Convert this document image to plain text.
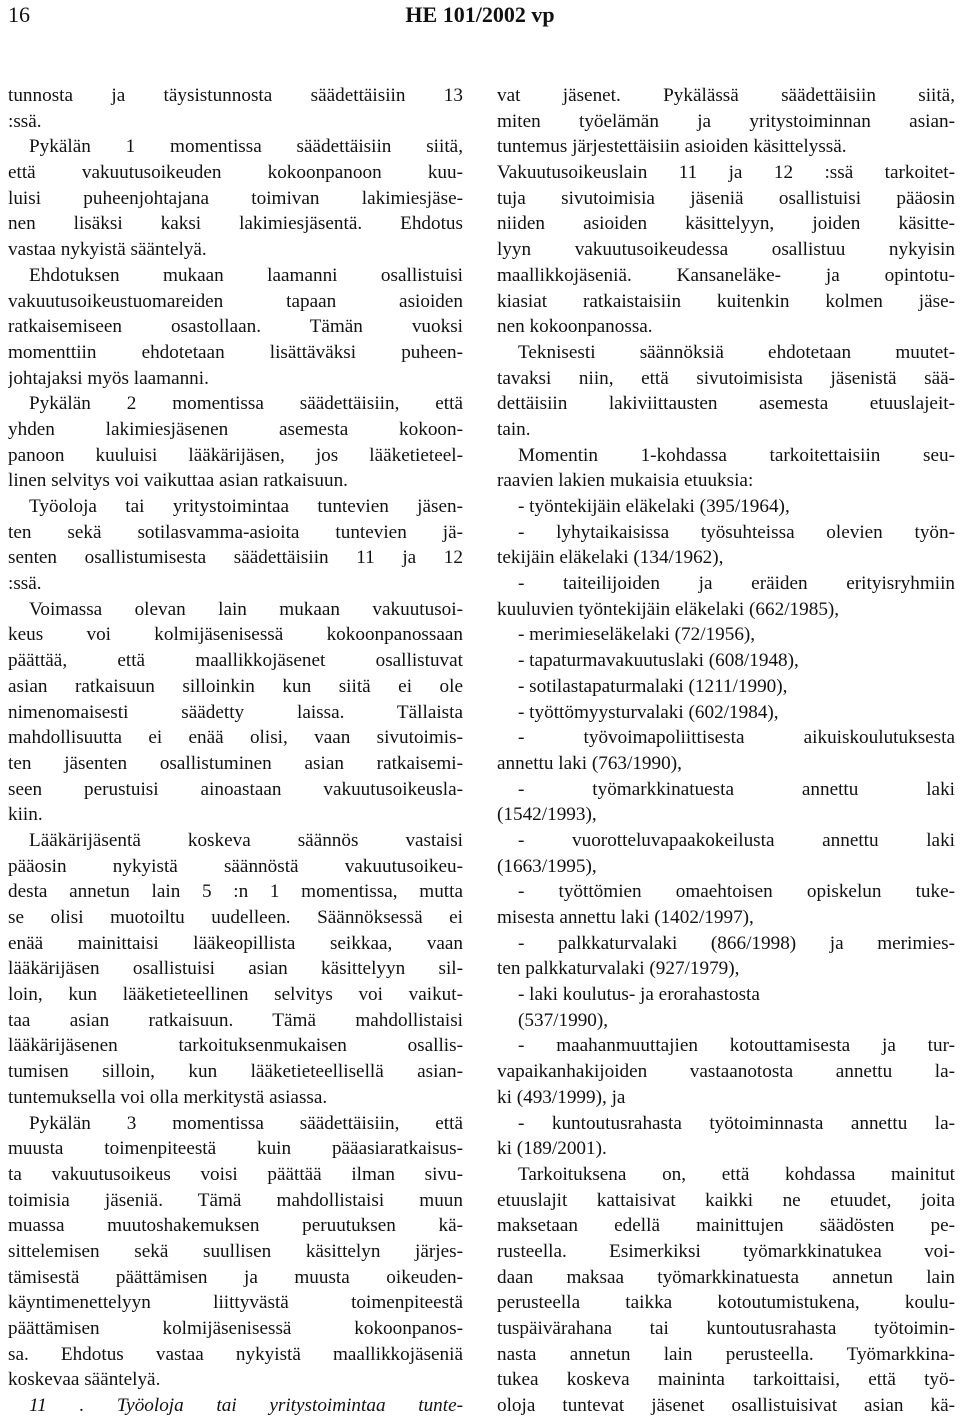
16	HE 101/2002 vp
tunnosta ja täysistunnosta säädettäisiin 13
:ssä.
Pykälän 1 momentissa säädettäisiin siitä,
että vakuutusoikeuden kokoonpanoon kuu-
luisi puheenjohtajana toimivan lakimiesjäse-
nen lisäksi kaksi lakimiesjäsentä. Ehdotus
vastaa nykyistä sääntelyä.
Ehdotuksen mukaan laamanni osallistuisi
vakuutusoikeustuomareiden tapaan asioiden
ratkaisemiseen osastollaan. Tämän vuoksi
momenttiin ehdotetaan lisättäväksi puheen-
johtajaksi myös laamanni.
Pykälän 2 momentissa säädettäisiin, että
yhden lakimiesjäsenen asemesta kokoon-
panoon kuuluisi lääkärijäsen, jos lääketieteel-
linen selvitys voi vaikuttaa asian ratkaisuun.
Työoloja tai yritystoimintaa tuntevien jäsen-
ten sekä sotilasvamma-asioita tuntevien jä-
senten osallistumisesta säädettäisiin 11 ja 12
:ssä.
Voimassa olevan lain mukaan vakuutusoi-
keus voi kolmijäsenisessä kokoonpanossaan
päättää, että maallikkojäsenet osallistuvat
asian ratkaisuun silloinkin kun siitä ei ole
nimenomaisesti säädetty laissa. Tällaista
mahdollisuutta ei enää olisi, vaan sivutoimis-
ten jäsenten osallistuminen asian ratkaisemi-
seen perustuisi ainoastaan vakuutusoikeusla-
kiin.
Lääkärijäsentä koskeva säännös vastaisi
pääosin nykyistä säännöstä vakuutusoikeu-
desta annetun lain 5 :n 1 momentissa, mutta
se olisi muotoiltu uudelleen. Säännöksessä ei
enää mainittaisi lääkeopillista seikkaa, vaan
lääkärijäsen osallistuisi asian käsittelyyn sil-
loin, kun lääketieteellinen selvitys voi vaikut-
taa asian ratkaisuun. Tämä mahdollistaisi
lääkärijäsenen tarkoituksenmukaisen osallis-
tumisen silloin, kun lääketieteellisellä asian-
tuntemuksella voi olla merkitystä asiassa.
Pykälän 3 momentissa säädettäisiin, että
muusta toimenpiteestä kuin pääasiaratkaisus-
ta vakuutusoikeus voisi päättää ilman sivu-
toimisia jäseniä. Tämä mahdollistaisi muun
muassa muutoshakemuksen peruutuksen kä-
sittelemisen sekä suullisen käsittelyn järjes-
tämisestä päättämisen ja muusta oikeuden-
käyntimenettelyyn liittyvästä toimenpiteestä
päättämisen kolmijäsenisessä kokoonpanos-
sa. Ehdotus vastaa nykyistä maallikkojäseniä
koskevaa sääntelyä.
11 . Työoloja tai yritystoimintaa tunte-
vat jäsenet. Pykälässä säädettäisiin siitä,
miten työelämän ja yritystoiminnan asian-
tuntemus järjestettäisiin asioiden käsittelyssä.
Vakuutusoikeuslain 11 ja 12 :ssä tarkoitet-
tuja sivutoimisia jäseniä osallistuisi pääosin
niiden asioiden käsittelyyn, joiden käsitte-
lyyn vakuutusoikeudessa osallistuu nykyisin
maallikkojäseniä. Kansaneläke- ja opintotu-
kiasiat ratkaistaisiin kuitenkin kolmen jäse-
nen kokoonpanossa.
Teknisesti säännöksiä ehdotetaan muutet-
tavaksi niin, että sivutoimisista jäsenistä sää-
dettäisiin lakiviittausten asemesta etuuslajeit-
tain.
Momentin 1-kohdassa tarkoitettaisiin seu-
raavien lakien mukaisia etuuksia:
- työntekijäin eläkelaki (395/1964),
- lyhytaikaisissa työsuhteissa olevien työn-
tekijäin eläkelaki (134/1962),
- taiteilijoiden ja eräiden erityisryhmiin
kuuluvien työntekijäin eläkelaki (662/1985),
- merimieseläkelaki (72/1956),
- tapaturmavakuutuslaki (608/1948),
- sotilastapaturmalaki (1211/1990),
- työttömyysturvalaki (602/1984),
- työvoimapoliittisesta aikuiskoulutuksesta
annettu laki (763/1990),
- työmarkkinatuesta annettu laki
(1542/1993),
- vuorotteluvapaakokeilusta annettu laki
(1663/1995),
- työttömien omaehtoisen opiskelun tuke-
misesta annettu laki (1402/1997),
- palkkaturvalaki (866/1998) ja merimies-
ten palkkaturvalaki (927/1979),
- laki koulutus- ja erorahastosta
(537/1990),
- maahanmuuttajien kotouttamisesta ja tur-
vapaikanhakijoiden vastaanotosta annettu la-
ki (493/1999), ja
- kuntoutusrahasta työtoiminnasta annettu la-
ki (189/2001).
Tarkoituksena on, että kohdassa mainitut
etuuslajit kattaisivat kaikki ne etuudet, joita
maksetaan edellä mainittujen säädösten pe-
rusteella. Esimerkiksi työmarkkinatukea voi-
daan maksaa työmarkkinatuesta annetun lain
perusteella taikka kotoutumistukena, koulu-
tuspäivärahana tai kuntoutusrahasta työtoimin-
nasta annetun lain perusteella. Työmarkkina-
tukea koskeva maininta tarkoittaisi, että työ-
oloja tuntevat jäsenet osallistuisivat asian kä-
